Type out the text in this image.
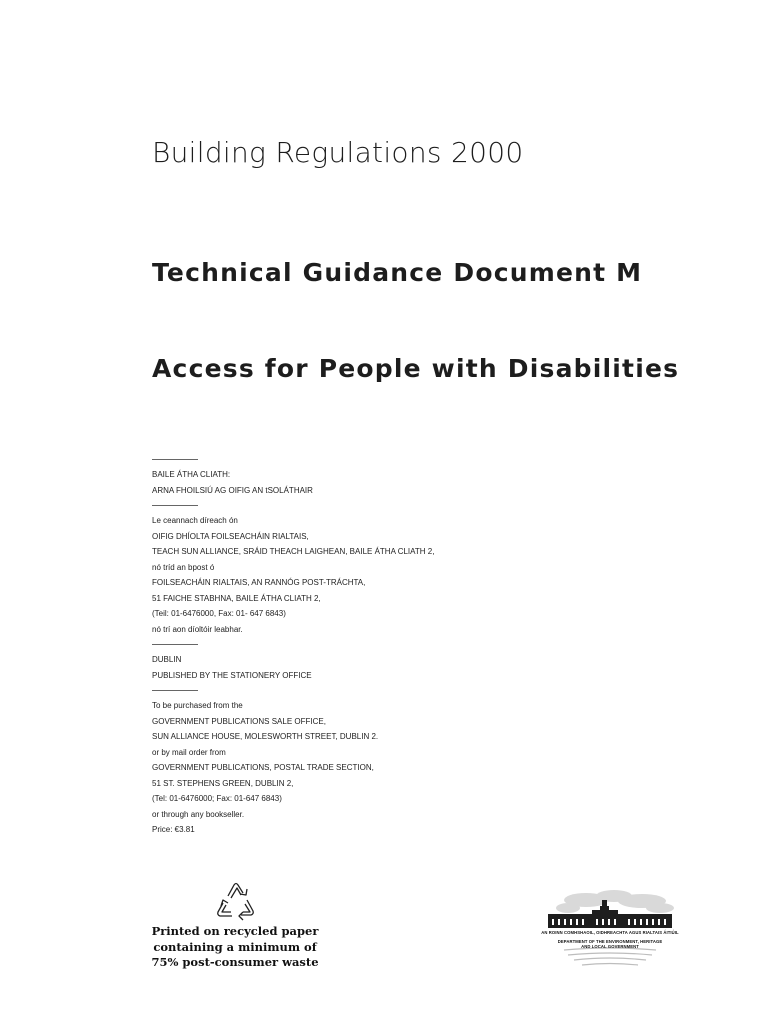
Building Regulations 2000
Technical Guidance Document M
Access for People with Disabilities
BAILE ÁTHA CLIATH:
ARNA FHOILSIÚ AG OIFIG AN tSOLÁTHAIR
Le ceannach díreach ón
OIFIG DHÍOLTA FOILSEACHÁIN RIALTAIS,
TEACH SUN ALLIANCE, SRÁID THEACH LAIGHEAN, BAILE ÁTHA CLIATH 2,
nó tríd an bpost ó
FOILSEACHÁIN RIALTAIS, AN RANNÓG POST-TRÁCHTA,
51 FAICHE STABHNA, BAILE ÁTHA CLIATH 2,
(Teil: 01-6476000, Fax: 01- 647 6843)
nó trí aon díoltóir leabhar.
DUBLIN
PUBLISHED BY THE STATIONERY OFFICE
To be purchased from the
GOVERNMENT PUBLICATIONS SALE OFFICE,
SUN ALLIANCE HOUSE, MOLESWORTH STREET, DUBLIN 2.
or by mail order from
GOVERNMENT PUBLICATIONS, POSTAL TRADE SECTION,
51 ST. STEPHENS GREEN, DUBLIN 2,
(Tel: 01-6476000; Fax: 01-647 6843)
or through any bookseller.
Price: €3.81
Printed on recycled paper
containing a minimum of
75% post-consumer waste
AN ROINN COMHSHAOIL, OIDHREACHTA AGUS RIALTAIS ÁITIÚIL
DEPARTMENT OF THE ENVIRONMENT, HERITAGE
AND LOCAL GOVERNMENT
